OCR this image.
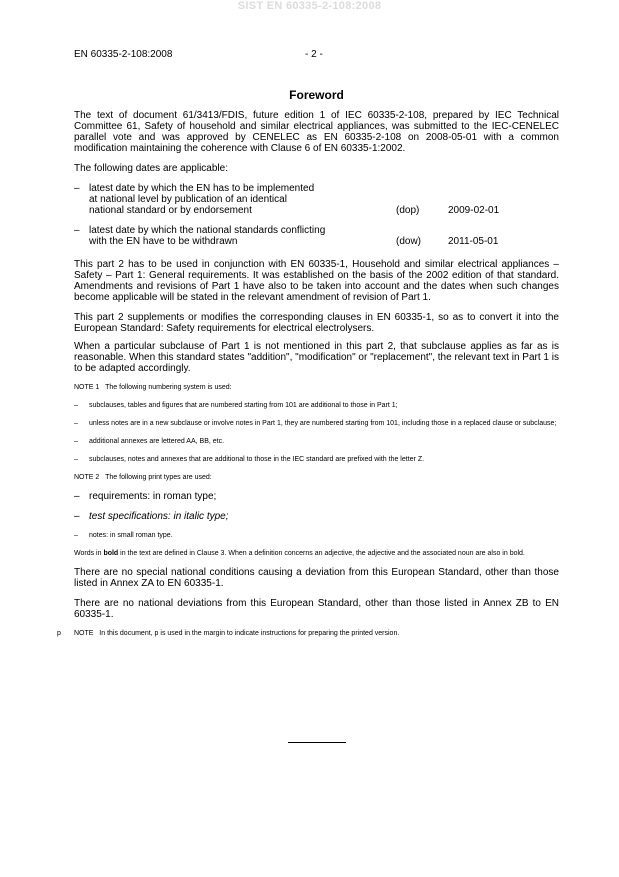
SIST EN 60335-2-108:2008
EN 60335-2-108:2008	- 2 -
Foreword

The text of document 61/3413/FDIS, future edition 1 of IEC 60335-2-108, prepared by IEC Technical Committee 61, Safety of household and similar electrical appliances, was submitted to the IEC-CENELEC parallel vote and was approved by CENELEC as EN 60335-2-108 on 2008-05-01 with a common modification maintaining the coherence with Clause 6 of EN 60335-1:2002.

The following dates are applicable:

– latest date by which the EN has to be implemented
at national level by publication of an identical
national standard or by endorsement	(dop)	2009-02-01
– latest date by which the national standards conflicting
with the EN have to be withdrawn	(dow)	2011-05-01

This part 2 has to be used in conjunction with EN 60335-1, Household and similar electrical appliances – Safety – Part 1: General requirements. It was established on the basis of the 2002 edition of that standard. Amendments and revisions of Part 1 have also to be taken into account and the dates when such changes become applicable will be stated in the relevant amendment of revision of Part 1.

This part 2 supplements or modifies the corresponding clauses in EN 60335-1, so as to convert it into the European Standard: Safety requirements for electrical electrolysers.

When a particular subclause of Part 1 is not mentioned in this part 2, that subclause applies as far as is reasonable. When this standard states "addition", "modification" or "replacement", the relevant text in Part 1 is to be adapted accordingly.

NOTE 1 The following numbering system is used:

– subclauses, tables and figures that are numbered starting from 101 are additional to those in Part 1;
– unless notes are in a new subclause or involve notes in Part 1, they are numbered starting from 101, including those in a replaced clause or subclause;
– additional annexes are lettered AA, BB, etc.
– subclauses, notes and annexes that are additional to those in the IEC standard are prefixed with the letter Z.

NOTE 2 The following print types are used:

– requirements: in roman type;
– test specifications: in italic type;
– notes: in small roman type.

Words in bold in the text are defined in Clause 3. When a definition concerns an adjective, the adjective and the associated noun are also in bold.

There are no special national conditions causing a deviation from this European Standard, other than those listed in Annex ZA to EN 60335-1.

There are no national deviations from this European Standard, other than those listed in Annex ZB to EN 60335-1.

p NOTE In this document, p is used in the margin to indicate instructions for preparing the printed version.
